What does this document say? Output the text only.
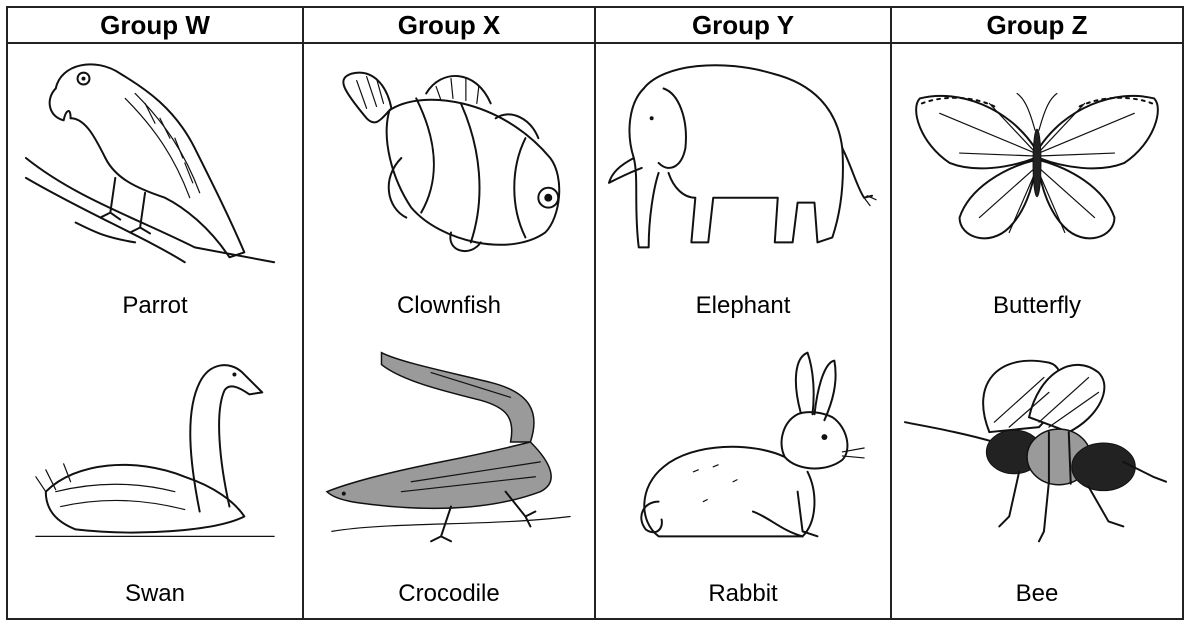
Group W
Parrot
Swan
Group X
Clownfish
Crocodile
Group Y
Elephant
Rabbit
Group Z
Butterfly
Bee
